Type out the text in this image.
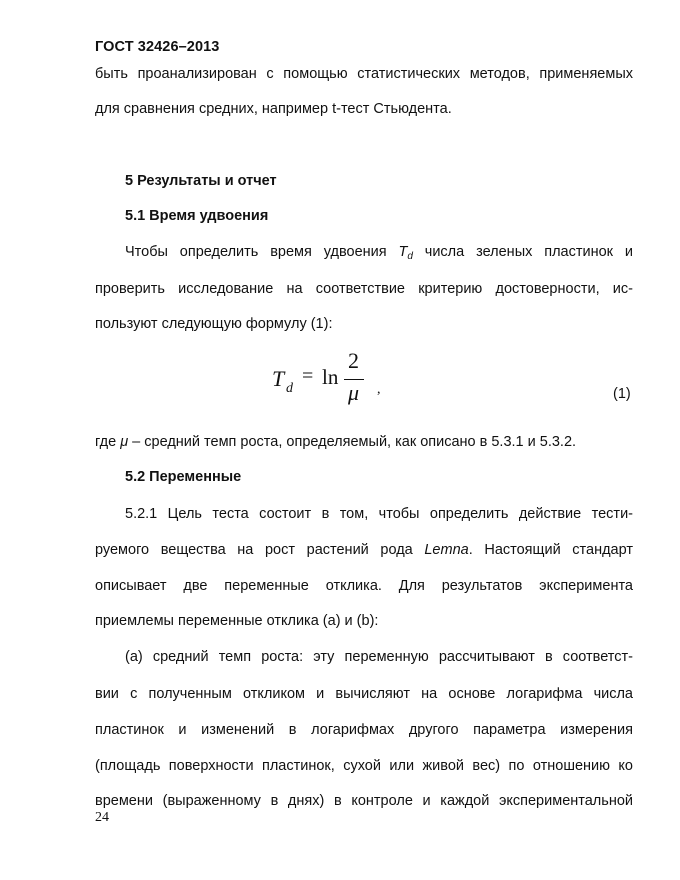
ГОСТ 32426–2013
быть проанализирован с помощью статистических методов, применяемых
для сравнения средних, например t-тест Стьюдента.
5 Результаты и отчет
5.1 Время удвоения
Чтобы определить время удвоения $T_d$ числа зеленых пластинок и
проверить исследование на соответствие критерию достоверности, ис-
пользуют следующую формулу (1):
T d
= ln
2
μ ,	(1)
где μ – средний темп роста, определяемый, как описано в 5.3.1 и 5.3.2.
5.2 Переменные
5.2.1 Цель теста состоит в том, чтобы определить действие тести-
руемого вещества на рост растений рода Lemna. Настоящий стандарт
описывает две переменные отклика. Для результатов эксперимента
приемлемы переменные отклика (а) и (b):
(а) средний темп роста: эту переменную рассчитывают в соответст-
вии с полученным откликом и вычисляют на основе логарифма числа
пластинок и изменений в логарифмах другого параметра измерения
(площадь поверхности пластинок, сухой или живой вес) по отношению ко
времени (выраженному в днях) в контроле и каждой экспериментальной
24
